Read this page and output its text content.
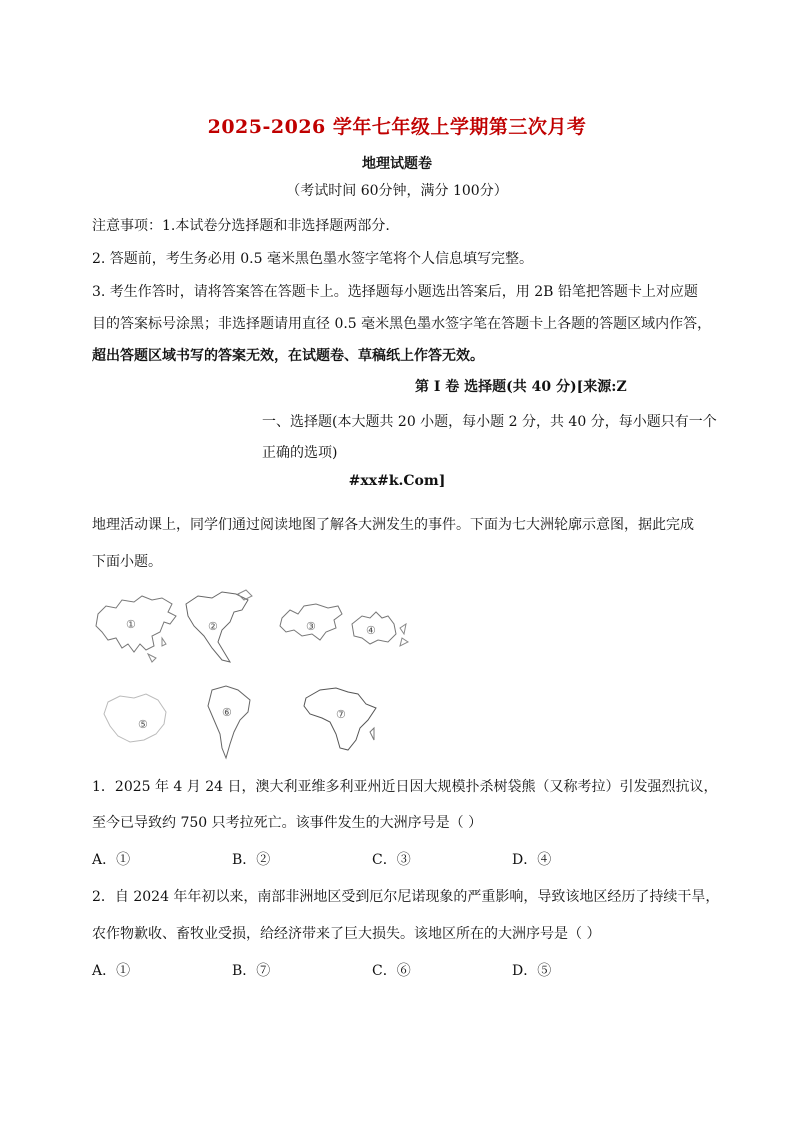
2025-2026 学年七年级上学期第三次月考
地理试题卷
（考试时间 60分钟，满分 100分）
注意事项：1.本试卷分选择题和非选择题两部分.
2. 答题前，考生务必用 0.5 毫米黑色墨水签字笔将个人信息填写完整。
3. 考生作答时，请将答案答在答题卡上。选择题每小题选出答案后，用 2B 铅笔把答题卡上对应题
目的答案标号涂黑；非选择题请用直径 0.5 毫米黑色墨水签字笔在答题卡上各题的答题区域内作答，
超出答题区域书写的答案无效，在试题卷、草稿纸上作答无效。
第 I 卷 选择题(共 40 分)[来源:Z
一、选择题(本大题共 20 小题，每小题 2 分，共 40 分，每小题只有一个
正确的选项)
#xx#k.Com]
地理活动课上，同学们通过阅读地图了解各大洲发生的事件。下面为七大洲轮廓示意图，据此完成
下面小题。
①	②	③	④
⑤
⑥	⑦
1．2025 年 4 月 24 日，澳大利亚维多利亚州近日因大规模扑杀树袋熊（又称考拉）引发强烈抗议，
至今已导致约 750 只考拉死亡。该事件发生的大洲序号是（ ）
A．①	B．②	C．③	D．④
2．自 2024 年年初以来，南部非洲地区受到厄尔尼诺现象的严重影响，导致该地区经历了持续干旱，
农作物歉收、畜牧业受损，给经济带来了巨大损失。该地区所在的大洲序号是（ ）
A．①	B．⑦	C．⑥	D．⑤
